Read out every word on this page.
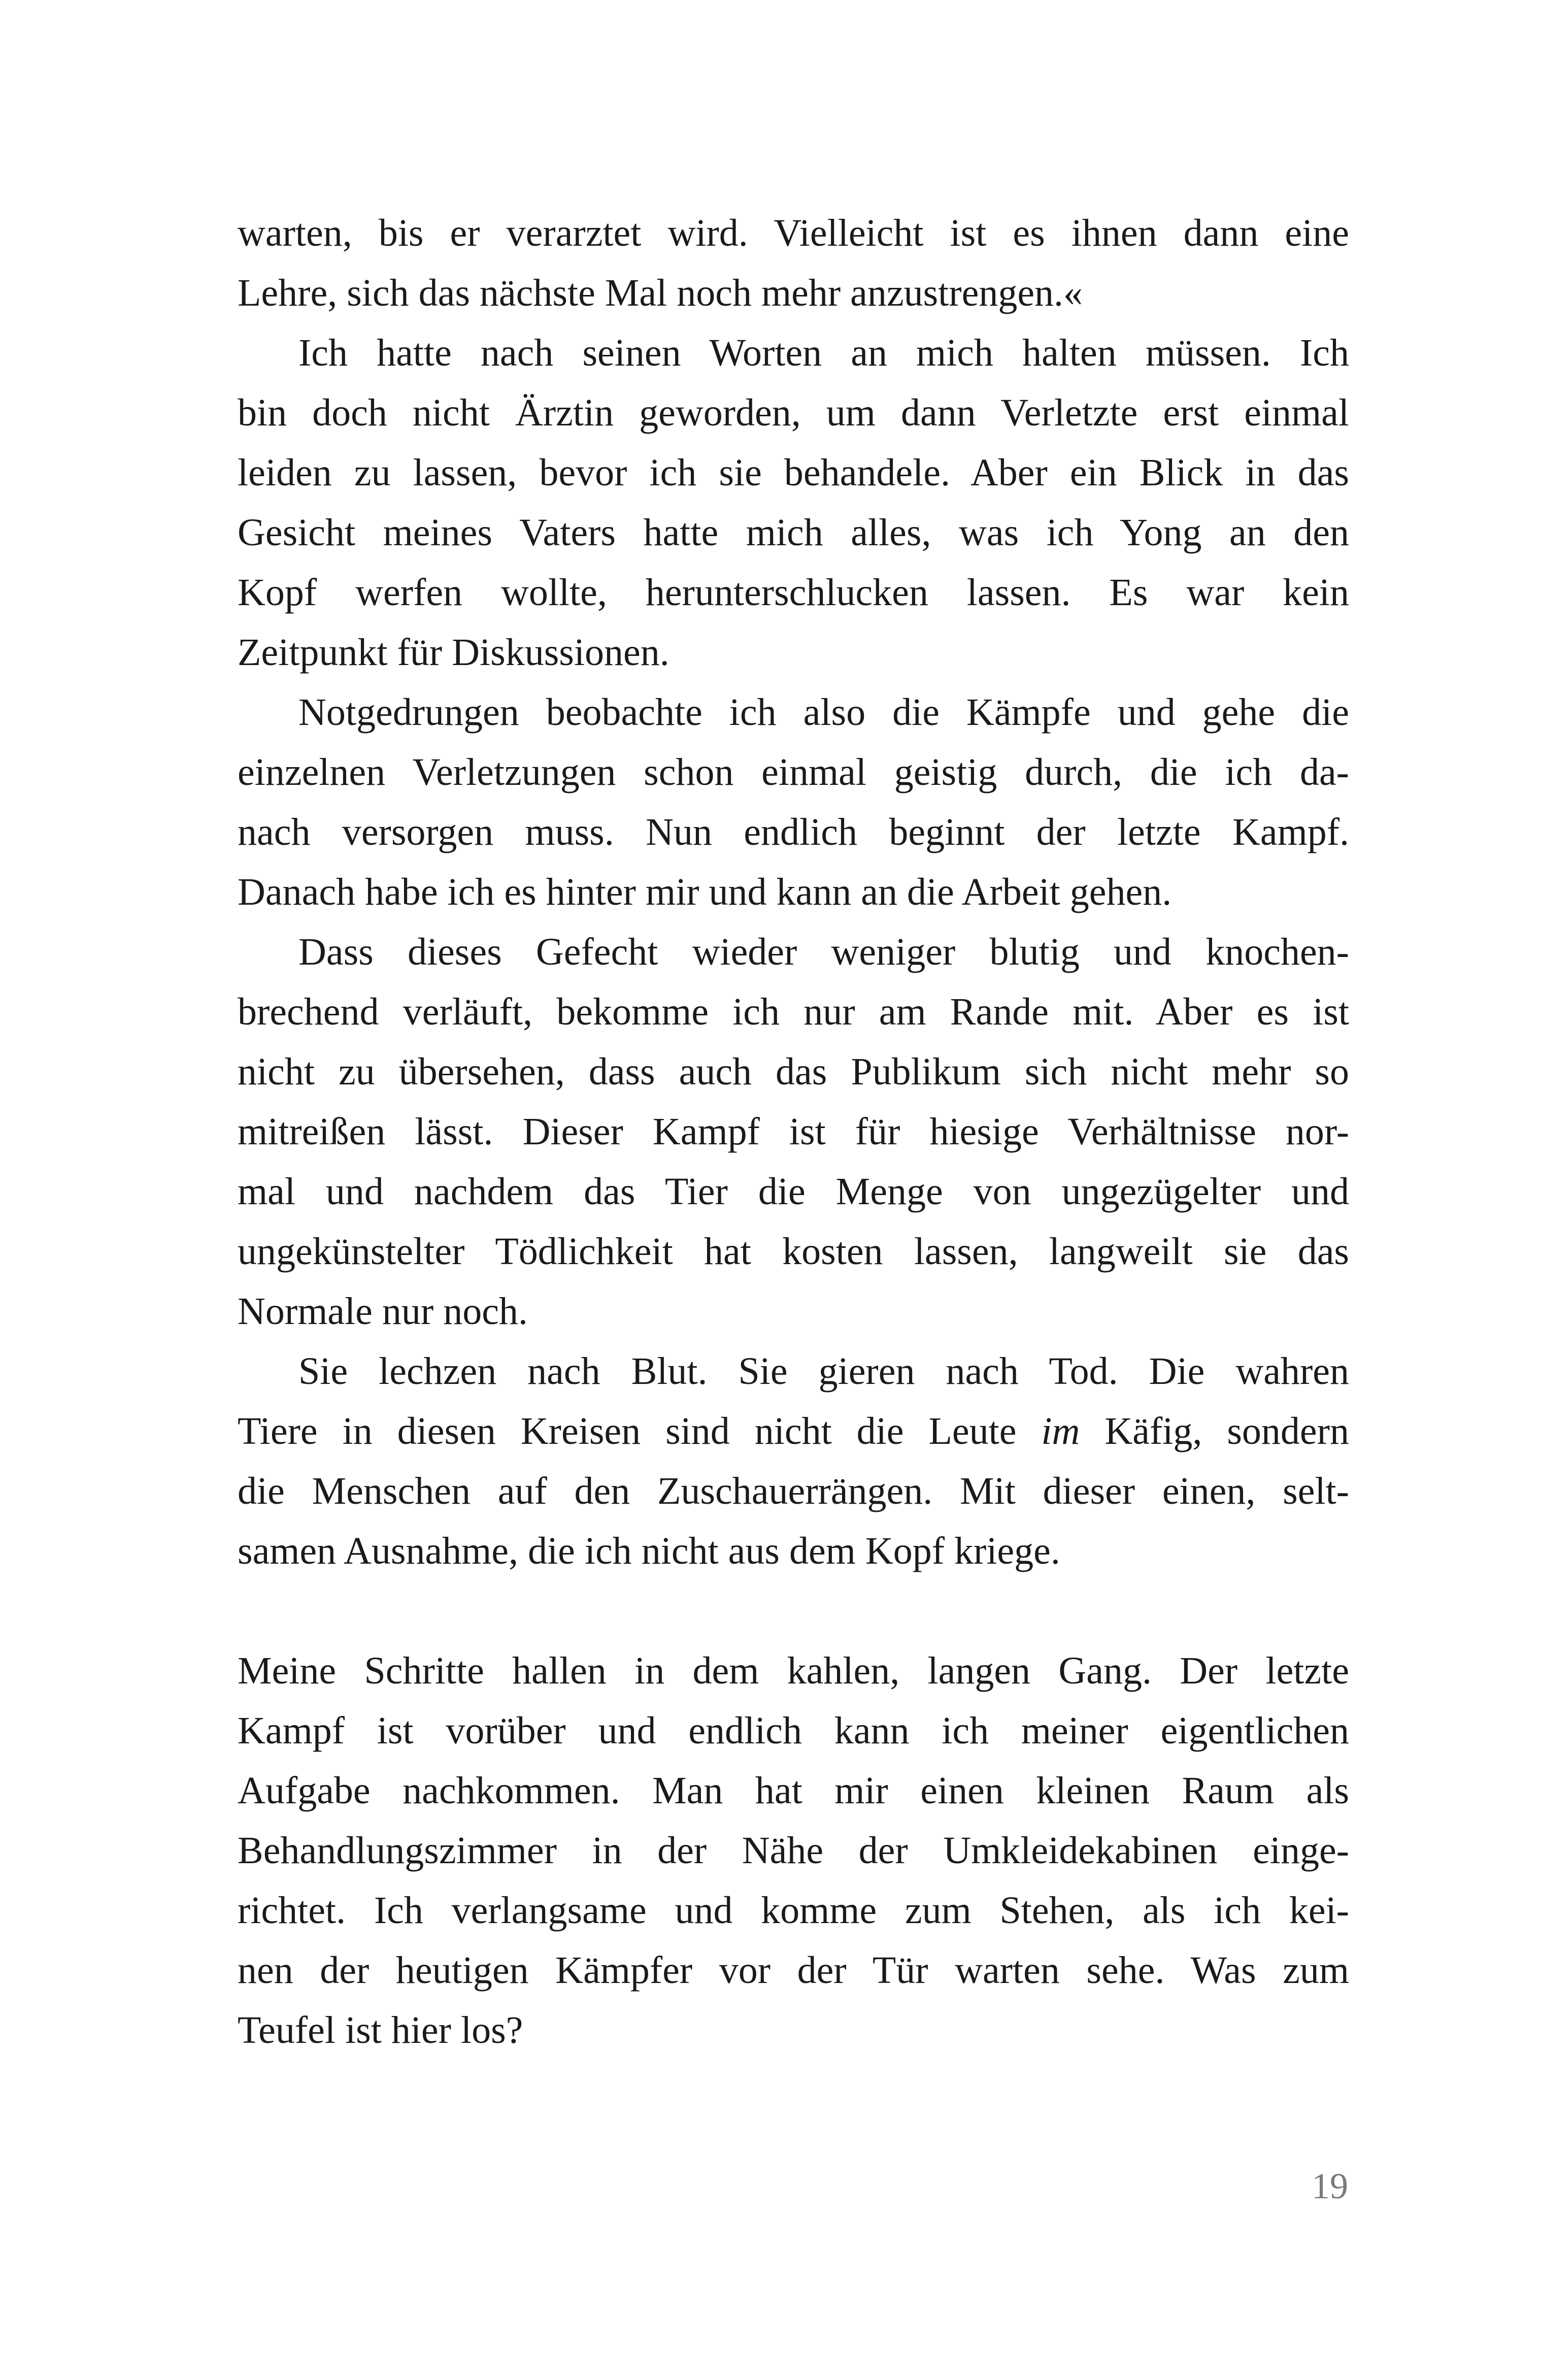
warten, bis er verarztet wird. Vielleicht ist es ihnen dann eine
Lehre, sich das nächste Mal noch mehr anzustrengen.«
Ich hatte nach seinen Worten an mich halten müssen. Ich
bin doch nicht Ärztin geworden, um dann Verletzte erst einmal
leiden zu lassen, bevor ich sie behandele. Aber ein Blick in das
Gesicht meines Vaters hatte mich alles, was ich Yong an den
Kopf werfen wollte, herunterschlucken lassen. Es war kein
Zeitpunkt für Diskussionen.
Notgedrungen beobachte ich also die Kämpfe und gehe die
einzelnen Verletzungen schon einmal geistig durch, die ich da-
nach versorgen muss. Nun endlich beginnt der letzte Kampf.
Danach habe ich es hinter mir und kann an die Arbeit gehen.
Dass dieses Gefecht wieder weniger blutig und knochen-
brechend verläuft, bekomme ich nur am Rande mit. Aber es ist
nicht zu übersehen, dass auch das Publikum sich nicht mehr so
mitreißen lässt. Dieser Kampf ist für hiesige Verhältnisse nor-
mal und nachdem das Tier die Menge von ungezügelter und
ungekünstelter Tödlichkeit hat kosten lassen, langweilt sie das
Normale nur noch.
Sie lechzen nach Blut. Sie gieren nach Tod. Die wahren
Tiere in diesen Kreisen sind nicht die Leute im Käfig, sondern
die Menschen auf den Zuschauerrängen. Mit dieser einen, selt-
samen Ausnahme, die ich nicht aus dem Kopf kriege.
Meine Schritte hallen in dem kahlen, langen Gang. Der letzte
Kampf ist vorüber und endlich kann ich meiner eigentlichen
Aufgabe nachkommen. Man hat mir einen kleinen Raum als
Behandlungszimmer in der Nähe der Umkleidekabinen einge-
richtet. Ich verlangsame und komme zum Stehen, als ich kei-
nen der heutigen Kämpfer vor der Tür warten sehe. Was zum
Teufel ist hier los?
19
